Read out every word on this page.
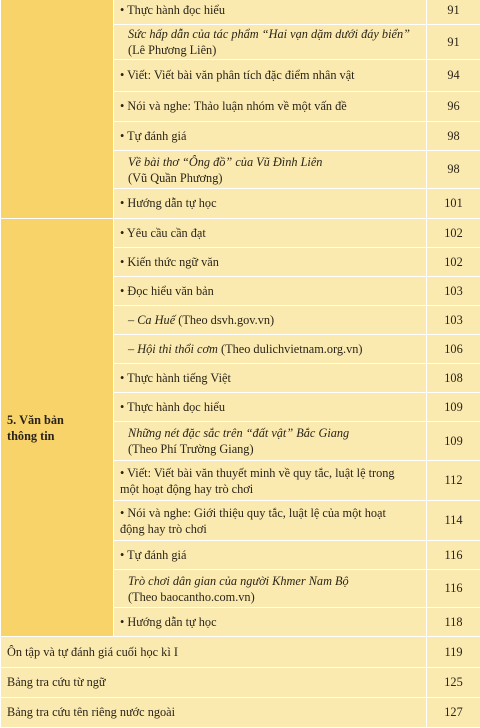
	• Thực hành đọc hiểu	91

	Sức hấp dẫn của tác phẩm “Hai vạn dặm dưới đáy biển”
(Lê Phương Liên)	91
	• Viết: Viết bài văn phân tích đặc điểm nhân vật	94
	• Nói và nghe: Thảo luận nhóm về một vấn đề	96
	• Tự đánh giá	98

	Về bài thơ “Ông đồ” của Vũ Đình Liên
(Vũ Quần Phương)	98
	• Hướng dẫn tự học	101

5. Văn bản
thông tin	• Yêu cầu cần đạt	102
	• Kiến thức ngữ văn	102
	• Đọc hiểu văn bản	103
	– Ca Huế (Theo dsvh.gov.vn)	103
	– Hội thi thổi cơm (Theo dulichvietnam.org.vn)	106
	• Thực hành tiếng Việt	108
	• Thực hành đọc hiểu	109

	Những nét đặc sắc trên “đất vật” Bắc Giang
(Theo Phí Trường Giang)	109

	• Viết: Viết bài văn thuyết minh về quy tắc, luật lệ trong
một hoạt động hay trò chơi	112

	• Nói và nghe: Giới thiệu quy tắc, luật lệ của một hoạt
động hay trò chơi	114
	• Tự đánh giá	116

	Trò chơi dân gian của người Khmer Nam Bộ
(Theo baocantho.com.vn)	116
	• Hướng dẫn tự học	118
Ôn tập và tự đánh giá cuối học kì I		119
Bảng tra cứu từ ngữ		125
Bảng tra cứu tên riêng nước ngoài		127
